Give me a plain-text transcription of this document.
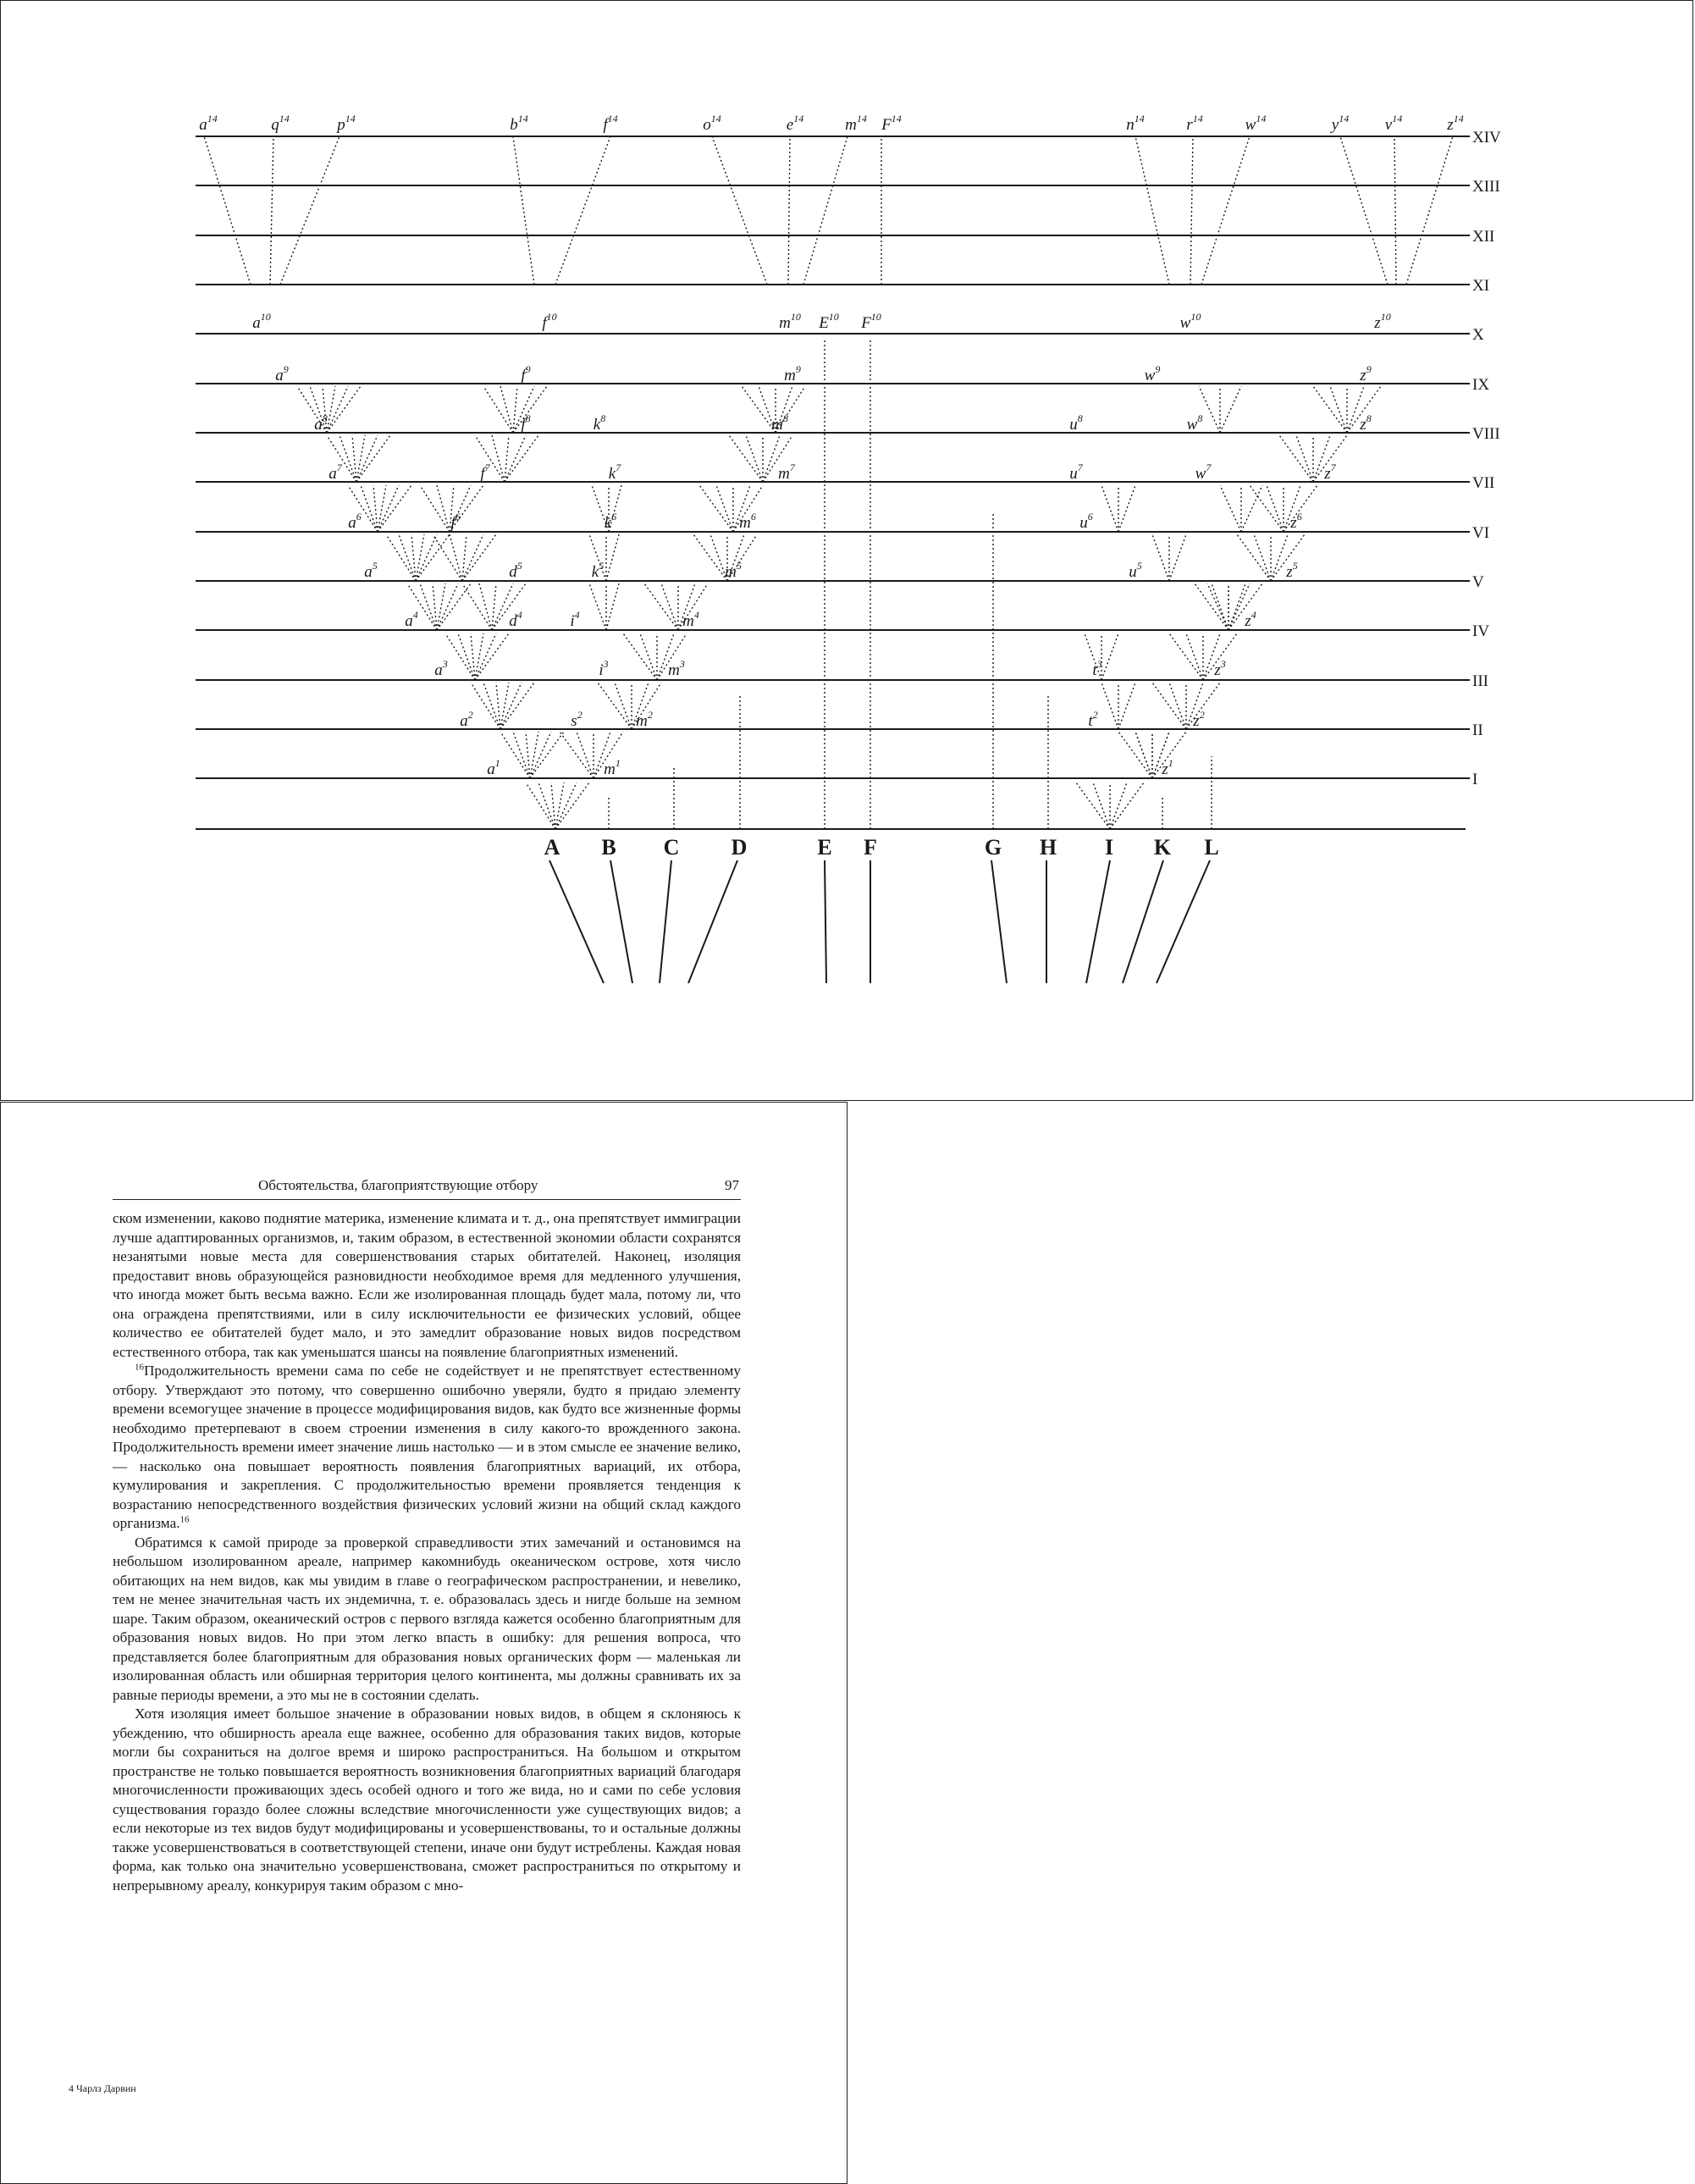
XIV
XIII
XII
XI
X
IX
VIII
VII
VI
V
IV
III
II
I
A B C D	E F	G H I K L
$a^{14}$	$q^{14}$	$p^{14}$	$b^{14}$	$f^{14}$	$o^{14}$	$e^{14}$	$m^{14}$ $F^{14}$	$n^{14}$	$r^{14}$	$w^{14}$	$y^{14}$ $v^{14}$	$z^{14}$
$a^{10}$	$f^{10}$	$m^{10}$ $E^{10}$ $F^{10}$	$w^{10}$	$z^{10}$
$a^9$	$f^9$	$m^9$	$w^9$	$z^9$
$a^8$	$f^8$	$k^8$	$m^8$	$u^8$	$w^8$	$z^8$
$a^7$	$f^7$	$k^7$	$m^7$	$u^7$	$w^7$	$z^7$
$a^6$	$f^6$	$k^6$	$m^6$	$u^6$	$z^6$
$a^5$	$d^5$	$k^5$	$m^5$	$u^5$	$z^5$
$a^4$	$d^4$	$i^4$	$m^4$	$z^4$
$a^3$	$i^3$	$m^3$	$t^3$	$z^3$
$a^2$	$s^2$	$m^2$	$t^2$	$z^2$
$a^1$	$m^1$	$z^1$
Обстоятельства, благоприятствующие отбору	97

ском изменении, каково поднятие материка, изменение климата и т. д., она препятствует иммиграции лучше адаптированных организмов, и, таким образом, в естественной экономии области сохранятся незанятыми новые места для совершенствования старых обитателей. Наконец, изоляция предоставит вновь образующейся разновидности необходимое время для медленного улучшения, что иногда может быть весьма важно. Если же изолированная площадь будет мала, потому ли, что она ограждена препятствиями, или в силу исключительности ее физических условий, общее количество ее обитателей будет мало, и это замедлит образование новых видов посредством естественного отбора, так как уменьшатся шансы на появление благоприятных изменений.

$^{16}$Продолжительность времени сама по себе не содействует и не препятствует естественному отбору. Утверждают это потому, что совершенно ошибочно уверяли, будто я придаю элементу времени всемогущее значение в процессе модифицирования видов, как будто все жизненные формы необходимо претерпевают в своем строении изменения в силу какого-то врожденного закона. Продолжительность времени имеет значение лишь настолько — и в этом смысле ее значение велико, — насколько она повышает вероятность появления благоприятных вариаций, их отбора, кумулирования и закрепления. С продолжительностью времени проявляется тенденция к возрастанию непосредственного воздействия физических условий жизни на общий склад каждого организма.$^{16}$

Обратимся к самой природе за проверкой справедливости этих замечаний и остановимся на небольшом изолированном ареале, например какомнибудь океаническом острове, хотя число обитающих на нем видов, как мы увидим в главе о географическом распространении, и невелико, тем не менее значительная часть их эндемична, т. е. образовалась здесь и нигде больше на земном шаре. Таким образом, океанический остров с первого взгляда кажется особенно благоприятным для образования новых видов. Но при этом легко впасть в ошибку: для решения вопроса, что представляется более благоприятным для образования новых органических форм — маленькая ли изолированная область или обширная территория целого континента, мы должны сравнивать их за равные периоды времени, а это мы не в состоянии сделать.

Хотя изоляция имеет большое значение в образовании новых видов, в общем я склоняюсь к убеждению, что обширность ареала еще важнее, особенно для образования таких видов, которые могли бы сохраниться на долгое время и широко распространиться. На большом и открытом пространстве не только повышается вероятность возникновения благоприятных вариаций благодаря многочисленности проживающих здесь особей одного и того же вида, но и сами по себе условия существования гораздо более сложны вследствие многочисленности уже существующих видов; а если некоторые из тех видов будут модифицированы и усовершенствованы, то и остальные должны также усовершенствоваться в соответствующей степени, иначе они будут истреблены. Каждая новая форма, как только она значительно усовершенствована, сможет распространиться по открытому и непрерывному ареалу, конкурируя таким образом с мно-

4 Чарлз Дарвин
